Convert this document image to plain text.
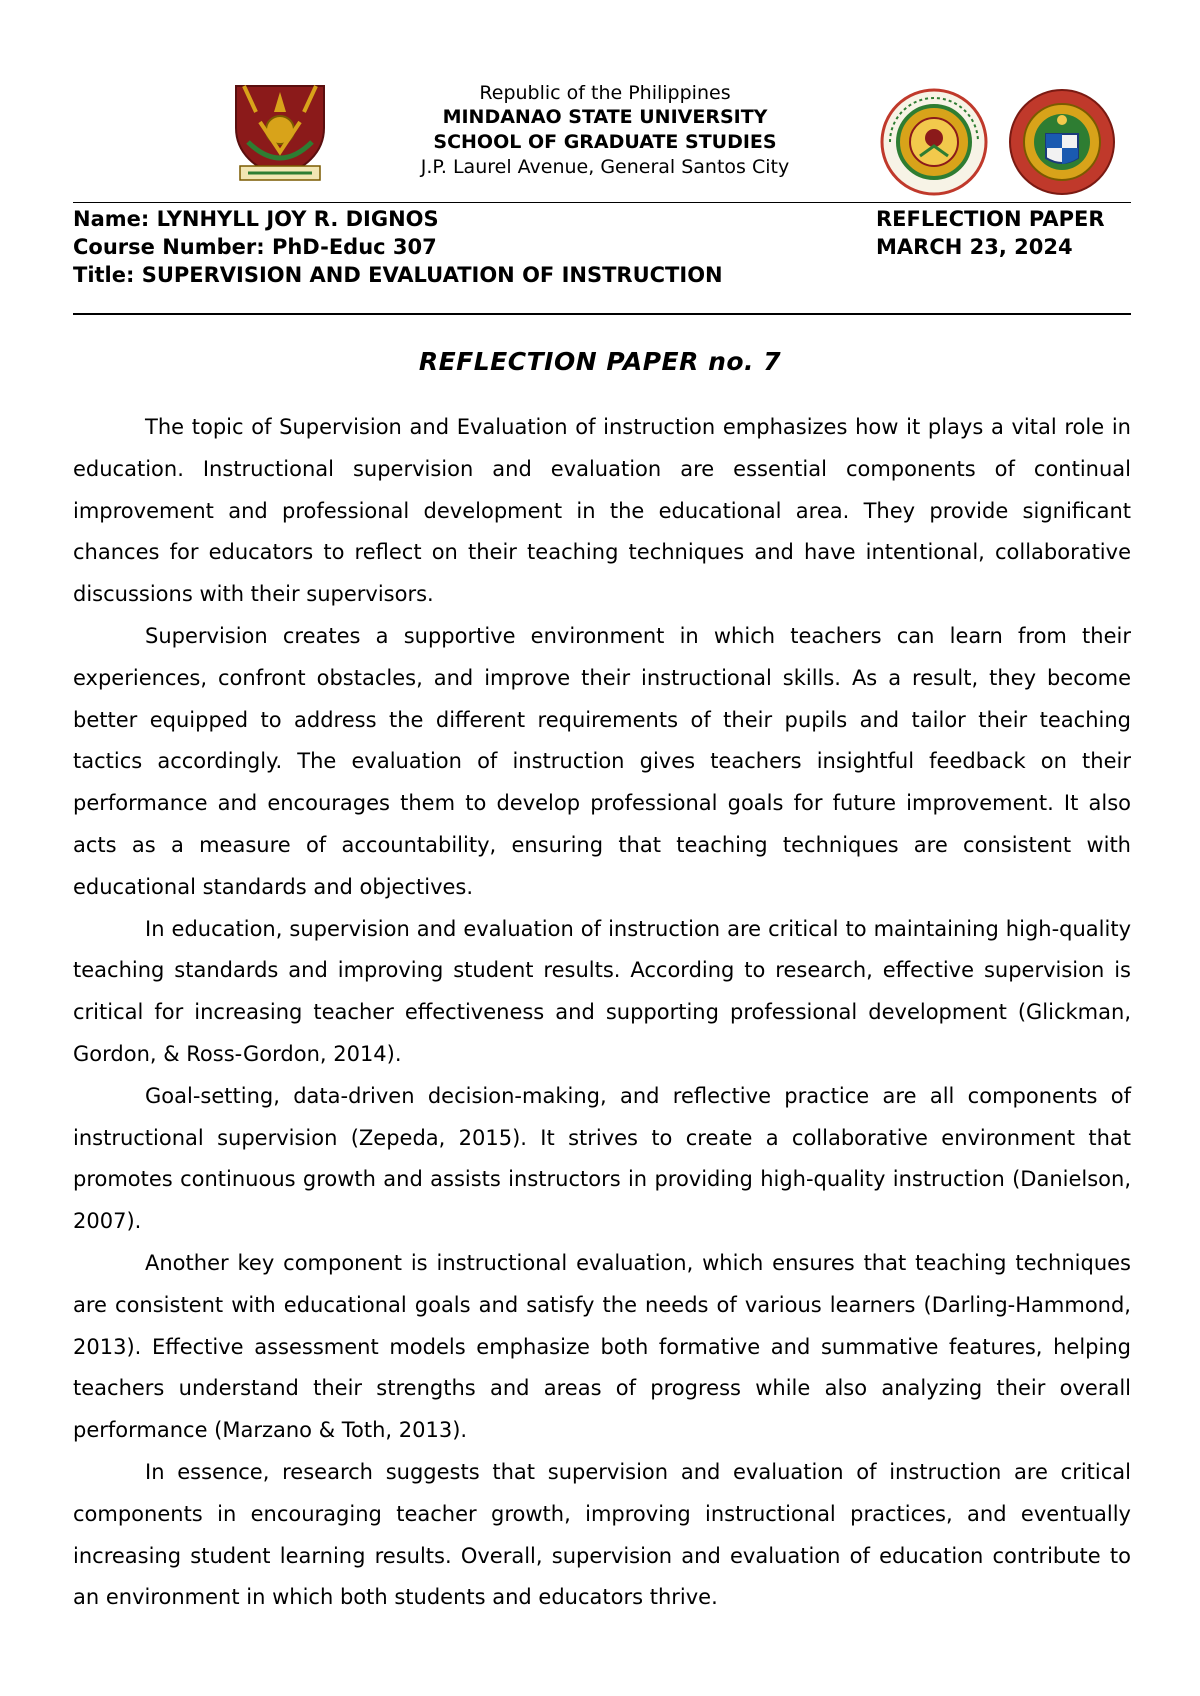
Republic of the Philippines
MINDANAO STATE UNIVERSITY
SCHOOL OF GRADUATE STUDIES
J.P. Laurel Avenue, General Santos City
Name: LYNHYLL JOY R. DIGNOS
Course Number: PhD-Educ 307
Title: SUPERVISION AND EVALUATION OF INSTRUCTION
REFLECTION PAPER
MARCH 23, 2024
REFLECTION PAPER no. 7

The topic of Supervision and Evaluation of instruction emphasizes how it plays a vital role in education. Instructional supervision and evaluation are essential components of continual improvement and professional development in the educational area. They provide significant chances for educators to reflect on their teaching techniques and have intentional, collaborative discussions with their supervisors.

Supervision creates a supportive environment in which teachers can learn from their experiences, confront obstacles, and improve their instructional skills. As a result, they become better equipped to address the different requirements of their pupils and tailor their teaching tactics accordingly. The evaluation of instruction gives teachers insightful feedback on their performance and encourages them to develop professional goals for future improvement. It also acts as a measure of accountability, ensuring that teaching techniques are consistent with educational standards and objectives.

In education, supervision and evaluation of instruction are critical to maintaining high-quality teaching standards and improving student results. According to research, effective supervision is critical for increasing teacher effectiveness and supporting professional development (Glickman, Gordon, & Ross-Gordon, 2014).

Goal-setting, data-driven decision-making, and reflective practice are all components of instructional supervision (Zepeda, 2015). It strives to create a collaborative environment that promotes continuous growth and assists instructors in providing high-quality instruction (Danielson, 2007).

Another key component is instructional evaluation, which ensures that teaching techniques are consistent with educational goals and satisfy the needs of various learners (Darling-Hammond, 2013). Effective assessment models emphasize both formative and summative features, helping teachers understand their strengths and areas of progress while also analyzing their overall performance (Marzano & Toth, 2013).

In essence, research suggests that supervision and evaluation of instruction are critical components in encouraging teacher growth, improving instructional practices, and eventually increasing student learning results. Overall, supervision and evaluation of education contribute to an environment in which both students and educators thrive.
